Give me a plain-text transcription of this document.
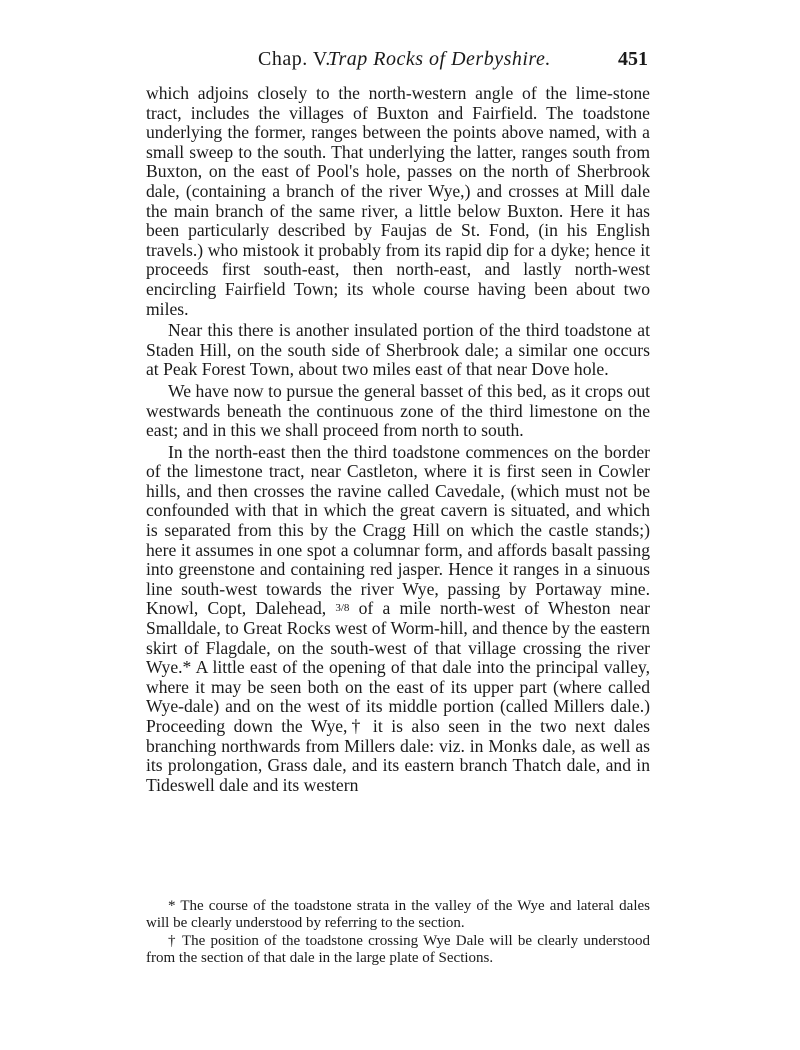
Chap. V.
Trap Rocks of Derbyshire.	451

which adjoins closely to the north-western angle of the lime-stone tract, includes the villages of Buxton and Fairfield. The toadstone underlying the former, ranges between the points above named, with a small sweep to the south. That underlying the latter, ranges south from Buxton, on the east of Pool's hole, passes on the north of Sherbrook dale, (containing a branch of the river Wye,) and crosses at Mill dale the main branch of the same river, a little below Buxton. Here it has been particularly described by Faujas de St. Fond, (in his English travels.) who mistook it probably from its rapid dip for a dyke; hence it proceeds first south-east, then north-east, and lastly north-west encircling Fairfield Town; its whole course having been about two miles.

Near this there is another insulated portion of the third toadstone at Staden Hill, on the south side of Sherbrook dale; a similar one occurs at Peak Forest Town, about two miles east of that near Dove hole.

We have now to pursue the general basset of this bed, as it crops out westwards beneath the continuous zone of the third limestone on the east; and in this we shall proceed from north to south.

In the north-east then the third toadstone commences on the border of the limestone tract, near Castleton, where it is first seen in Cowler hills, and then crosses the ravine called Cavedale, (which must not be confounded with that in which the great cavern is situated, and which is separated from this by the Cragg Hill on which the castle stands;) here it assumes in one spot a columnar form, and affords basalt passing into greenstone and containing red jasper. Hence it ranges in a sinuous line south-west towards the river Wye, passing by Portaway mine. Knowl, Copt, Dalehead, 3/8 of a mile north-west of Wheston near Smalldale, to Great Rocks west of Worm-hill, and thence by the eastern skirt of Flagdale, on the south-west of that village crossing the river Wye.* A little east of the opening of that dale into the principal valley, where it may be seen both on the east of its upper part (where called Wye-dale) and on the west of its middle portion (called Millers dale.) Proceeding down the Wye,† it is also seen in the two next dales branching northwards from Millers dale: viz. in Monks dale, as well as its prolongation, Grass dale, and its eastern branch Thatch dale, and in Tideswell dale and its western

* The course of the toadstone strata in the valley of the Wye and lateral dales will be clearly understood by referring to the section.

† The position of the toadstone crossing Wye Dale will be clearly understood from the section of that dale in the large plate of Sections.
